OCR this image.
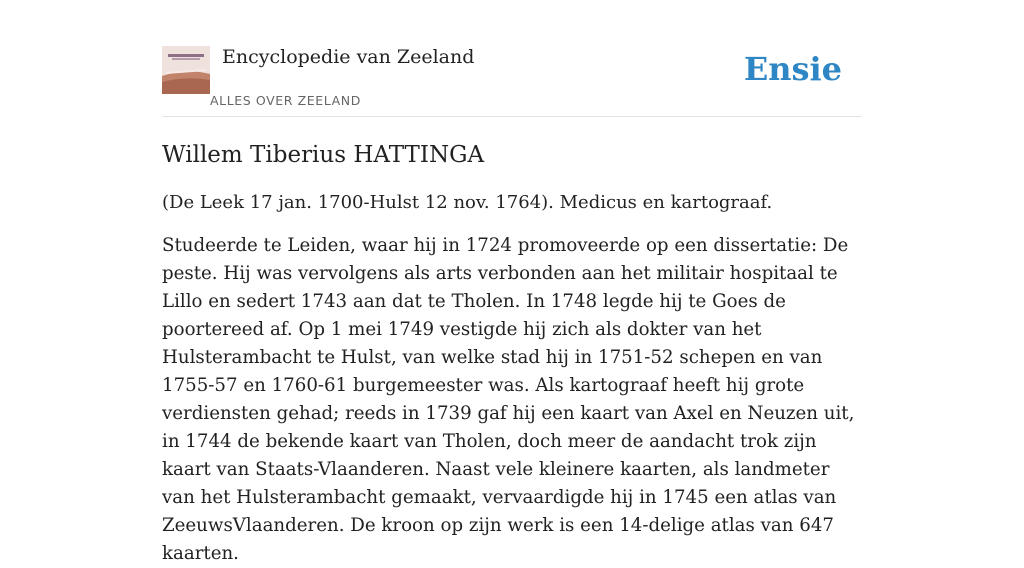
Encyclopedie van Zeeland
ALLES OVER ZEELAND
Ensie
Willem Tiberius HATTINGA

(De Leek 17 jan. 1700-Hulst 12 nov. 1764). Medicus en kartograaf.

Studeerde te Leiden, waar hij in 1724 promoveerde op een dissertatie: De peste. Hij was vervolgens als arts verbonden aan het militair hospitaal te Lillo en sedert 1743 aan dat te Tholen. In 1748 legde hij te Goes de poortereed af. Op 1 mei 1749 vestigde hij zich als dokter van het Hulsterambacht te Hulst, van welke stad hij in 1751-52 schepen en van 1755-57 en 1760-61 burgemeester was. Als kartograaf heeft hij grote verdiensten gehad; reeds in 1739 gaf hij een kaart van Axel en Neuzen uit, in 1744 de bekende kaart van Tholen, doch meer de aandacht trok zijn kaart van Staats-Vlaanderen. Naast vele kleinere kaarten, als landmeter van het Hulsterambacht gemaakt, vervaardigde hij in 1745 een atlas van ZeeuwsVlaanderen. De kroon op zijn werk is een 14-delige atlas van 647 kaarten.
